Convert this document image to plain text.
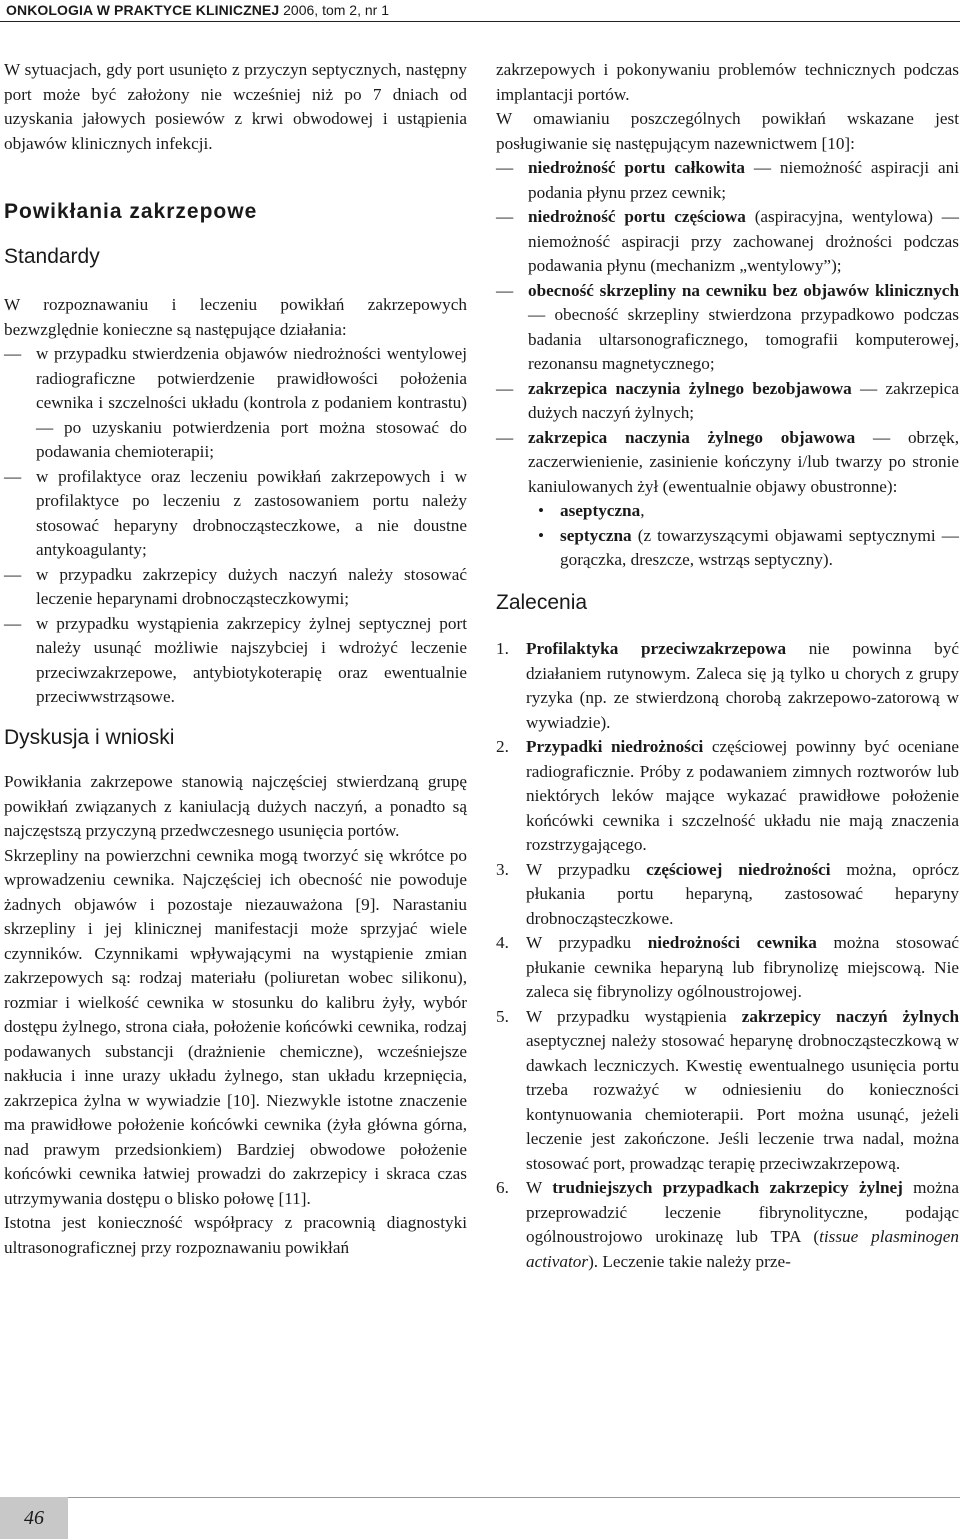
ONKOLOGIA W PRAKTYCE KLINICZNEJ 2006, tom 2, nr 1

W sytuacjach, gdy port usunięto z przyczyn septycznych, następny port może być założony nie wcześniej niż po 7 dniach od uzyskania jałowych posiewów z krwi obwodowej i ustąpienia objawów klinicznych infekcji.

Powikłania zakrzepowe
Standardy

W rozpoznawaniu i leczeniu powikłań zakrzepowych bezwzględnie konieczne są następujące działania:

— w przypadku stwierdzenia objawów niedrożności wentylowej radiograficzne potwierdzenie prawidłowości położenia cewnika i szczelności układu (kontrola z podaniem kontrastu) — po uzyskaniu potwierdzenia port można stosować do podawania chemioterapii;
— w profilaktyce oraz leczeniu powikłań zakrzepowych i w profilaktyce po leczeniu z zastosowaniem portu należy stosować heparyny drobnocząsteczkowe, a nie doustne antykoagulanty;
— w przypadku zakrzepicy dużych naczyń należy stosować leczenie heparynami drobnocząsteczkowymi;
— w przypadku wystąpienia zakrzepicy żylnej septycznej port należy usunąć możliwie najszybciej i wdrożyć leczenie przeciwzakrzepowe, antybiotykoterapię oraz ewentualnie przeciwwstrząsowe.
Dyskusja i wnioski

Powikłania zakrzepowe stanowią najczęściej stwierdzaną grupę powikłań związanych z kaniulacją dużych naczyń, a ponadto są najczęstszą przyczyną przedwczesnego usunięcia portów.

Skrzepliny na powierzchni cewnika mogą tworzyć się wkrótce po wprowadzeniu cewnika. Najczęściej ich obecność nie powoduje żadnych objawów i pozostaje niezauważona [9]. Narastaniu skrzepliny i jej klinicznej manifestacji może sprzyjać wiele czynników. Czynnikami wpływającymi na wystąpienie zmian zakrzepowych są: rodzaj materiału (poliuretan wobec silikonu), rozmiar i wielkość cewnika w stosunku do kalibru żyły, wybór dostępu żylnego, strona ciała, położenie końcówki cewnika, rodzaj podawanych substancji (drażnienie chemiczne), wcześniejsze nakłucia i inne urazy układu żylnego, stan układu krzepnięcia, zakrzepica żylna w wywiadzie [10]. Niezwykle istotne znaczenie ma prawidłowe położenie końcówki cewnika (żyła główna górna, nad prawym przedsionkiem) Bardziej obwodowe położenie końcówki cewnika łatwiej prowadzi do zakrzepicy i skraca czas utrzymywania dostępu o blisko połowę [11].

Istotna jest konieczność współpracy z pracownią diagnostyki ultrasonograficznej przy rozpoznawaniu powikłań

zakrzepowych i pokonywaniu problemów technicznych podczas implantacji portów.

W omawianiu poszczególnych powikłań wskazane jest posługiwanie się następującym nazewnictwem [10]:

— niedrożność portu całkowita — niemożność aspiracji ani podania płynu przez cewnik;
— niedrożność portu częściowa (aspiracyjna, wentylowa) — niemożność aspiracji przy zachowanej drożności podczas podawania płynu (mechanizm „wentylowy”);
— obecność skrzepliny na cewniku bez objawów klinicznych — obecność skrzepliny stwierdzona przypadkowo podczas badania ultarsonograficznego, tomografii komputerowej, rezonansu magnetycznego;
— zakrzepica naczynia żylnego bezobjawowa — zakrzepica dużych naczyń żylnych;
— zakrzepica naczynia żylnego objawowa — obrzęk, zaczerwienienie, zasinienie kończyny i/lub twarzy po stronie kaniulowanych żył (ewentualnie objawy obustronne):
• aseptyczna,
• septyczna (z towarzyszącymi objawami septycznymi — gorączka, dreszcze, wstrząs septyczny).
Zalecenia
1. Profilaktyka przeciwzakrzepowa nie powinna być działaniem rutynowym. Zaleca się ją tylko u chorych z grupy ryzyka (np. ze stwierdzoną chorobą zakrzepowo-zatorową w wywiadzie).
2. Przypadki niedrożności częściowej powinny być oceniane radiograficznie. Próby z podawaniem zimnych roztworów lub niektórych leków mające wykazać prawidłowe położenie końcówki cewnika i szczelność układu nie mają znaczenia rozstrzygającego.
3. W przypadku częściowej niedrożności można, oprócz płukania portu heparyną, zastosować heparyny drobnocząsteczkowe.
4. W przypadku niedrożności cewnika można stosować płukanie cewnika heparyną lub fibrynolizę miejscową. Nie zaleca się fibrynolizy ogólnoustrojowej.
5. W przypadku wystąpienia zakrzepicy naczyń żylnych aseptycznej należy stosować heparynę drobnocząsteczkową w dawkach leczniczych. Kwestię ewentualnego usunięcia portu trzeba rozważyć w odniesieniu do konieczności kontynuowania chemioterapii. Port można usunąć, jeżeli leczenie jest zakończone. Jeśli leczenie trwa nadal, można stosować port, prowadząc terapię przeciwzakrzepową.
6. W trudniejszych przypadkach zakrzepicy żylnej można przeprowadzić leczenie fibrynolityczne, podając ogólnoustrojowo urokinazę lub TPA (tissue plasminogen activator). Leczenie takie należy prze-
46
